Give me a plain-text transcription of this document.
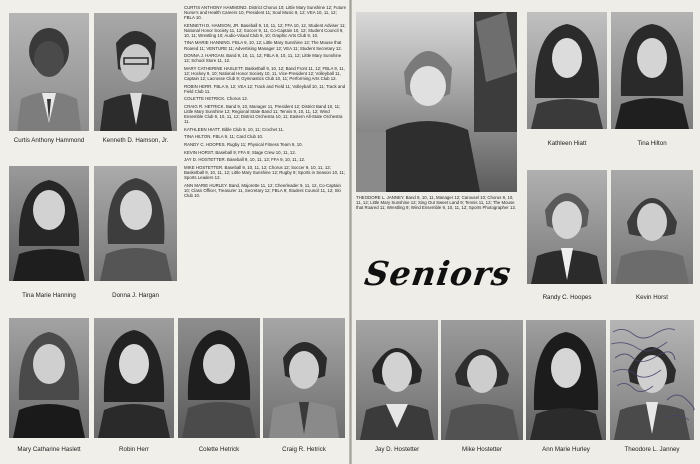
Curtis Anthony Hammond	Kenneth D. Hamson, Jr.
Tina Marie Hanning	Donna J. Hargan
Mary Catharine Haslett	Robin Herr	Colette Hetrick	Craig R. Hetrick

CURTIS ANTHONY HAMMOND. District Chorus 10; Little Mary Sunshine 12; Future Nurse's and Health Careers 10, President 11; Soul Music 9, 12; VEA 10, 11, 12; FBLA 10.

KENNETH D. HAMSON, JR. Baseball 9, 10, 11, 12; FFA 10, 12, Student Adviser 11; National Honor Society 11, 12; Soccer 9, 11, Co-Captain 10, 12; Student Council 9, 10, 11; Wrestling 10; Audio-Visual Club 9, 10; Graphic Arts Club 9, 10.

TINA MARIE HANNING. FBLA 9, 10, 12; Little Mary Sunshine 12; The Mouse that Roared 11; VENTURE 11; Advertising Manager 12; VEA 11; Student Secretary 12.

DONNA J. HARGAN. Band 9, 10, 11, 12; FBLA 9, 10, 11, 12; Little Mary Sunshine 12; School Store 11, 12.

MARY CATHERINE HASLETT. Basketball 9, 10, 12; Band Front 11, 12; FBLA 9, 11, 12; Hockey 9, 10; National Honor Society 10, 11, Vice-President 12; Volleyball 11, Captain 12; Lacrosse Club 9; Gymnastics Club 10, 11; Performing Arts Club 12.

ROBIN HERR. FBLA 9, 12; VEA 12; Track and Field 11; Volleyball 10, 11; Track and Field Club 11.

COLETTE HETRICK. Chorus 12.

CRAIG R. HETRICK. Band 9, 10, Manager 11, President 12; District Band 10, 11; Little Mary Sunshine 12; Regional State Band 11; Tennis 9, 10, 11, 12; Wind Ensemble Club 9, 10, 11, 12; District Orchestra 10, 11; Eastern All-State Orchestra 11.

KATHLEEN HIATT. Bible Club 9, 10, 11; Crochet 11.

TINA HILTON. FBLA 9, 11; Card Club 10.

RANDY C. HOOPES. Rugby 11; Physical Fitness Team 9, 10.

KEVIN HORST. Baseball 9; FFA 9; Stage Crew 10, 11, 12.

JAY D. HOSTETTER. Baseball 9, 10, 11, 12; FFA 9, 10, 11, 12.

MIKE HOSTETTER. Baseball 9, 10, 11, 12; Chorus 12; Soccer 9, 10, 11, 12; Basketball 9, 10, 11, 12; Little Mary Sunshine 12; Rugby 9; Sports in Season 10, 11; Sports Leaders 12.

ANN MARIE HURLEY. Band, Majorette 11, 12; Cheerleader 9, 11, 12, Co-Captain 10; Class Officer, Treasurer 11, Secretary 12; FBLA 9; Student Council 11, 12; Ski Club 10.

Kathleen Hiatt	Tina Hilton

THEODORE L. JANNEY. Band 9, 10, 11, Manager 12; Carousel 10; Chorus 9, 10, 11, 12; Little Mary Sunshine 12; Sing Out Sweet Land 9; Tennis 11, 12; The Mouse that Roared 11; Wrestling 9; Wind Ensemble 9, 10, 11, 12; Sports Photographer 12.

Seniors
Randy C. Hoopes	Kevin Horst
Jay D. Hostetter	Mike Hostetter	Ann Marie Hurley	Theodore L. Janney
